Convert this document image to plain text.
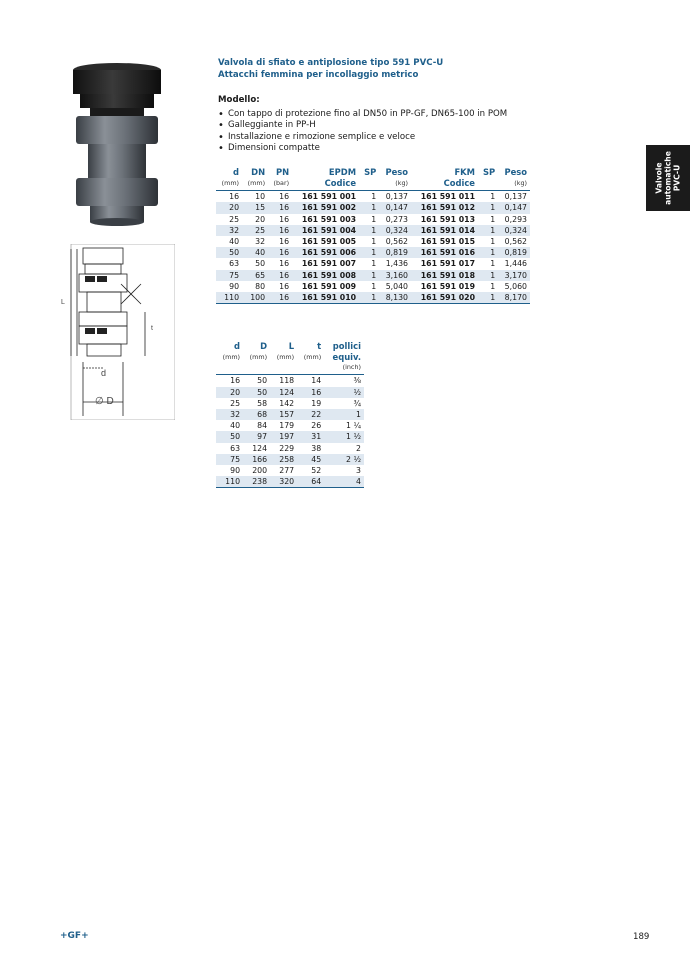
Valvola di sfiato e antiplosione tipo 591 PVC-U
Attacchi femmina per incollaggio metrico
Modello:
• Con tappo di protezione fino al DN50 in PP-GF, DN65-100 in POM
• Galleggiante in PP-H
• Installazione e rimozione semplice e veloce
• Dimensioni compatte
Valvole automatiche PVC-U
L
t
d
∅ D
d	DN	PN	EPDM	SP	Peso	FKM	SP	Peso
(mm)	(mm)	(bar)	Codice		(kg)	Codice		(kg)
16	10	16	161 591 001	1	0,137	161 591 011	1	0,137
20	15	16	161 591 002	1	0,147	161 591 012	1	0,147
25	20	16	161 591 003	1	0,273	161 591 013	1	0,293
32	25	16	161 591 004	1	0,324	161 591 014	1	0,324
40	32	16	161 591 005	1	0,562	161 591 015	1	0,562
50	40	16	161 591 006	1	0,819	161 591 016	1	0,819
63	50	16	161 591 007	1	1,436	161 591 017	1	1,446
75	65	16	161 591 008	1	3,160	161 591 018	1	3,170
90	80	16	161 591 009	1	5,040	161 591 019	1	5,060
110	100	16	161 591 010	1	8,130	161 591 020	1	8,170
d	D	L	t	pollici
(mm)	(mm)	(mm)	(mm)	equiv.
				(inch)
16	50	118	14	⅜
20	50	124	16	½
25	58	142	19	¾
32	68	157	22	1
40	84	179	26	1 ¼
50	97	197	31	1 ½
63	124	229	38	2
75	166	258	45	2 ½
90	200	277	52	3
110	238	320	64	4
+GF+	189
